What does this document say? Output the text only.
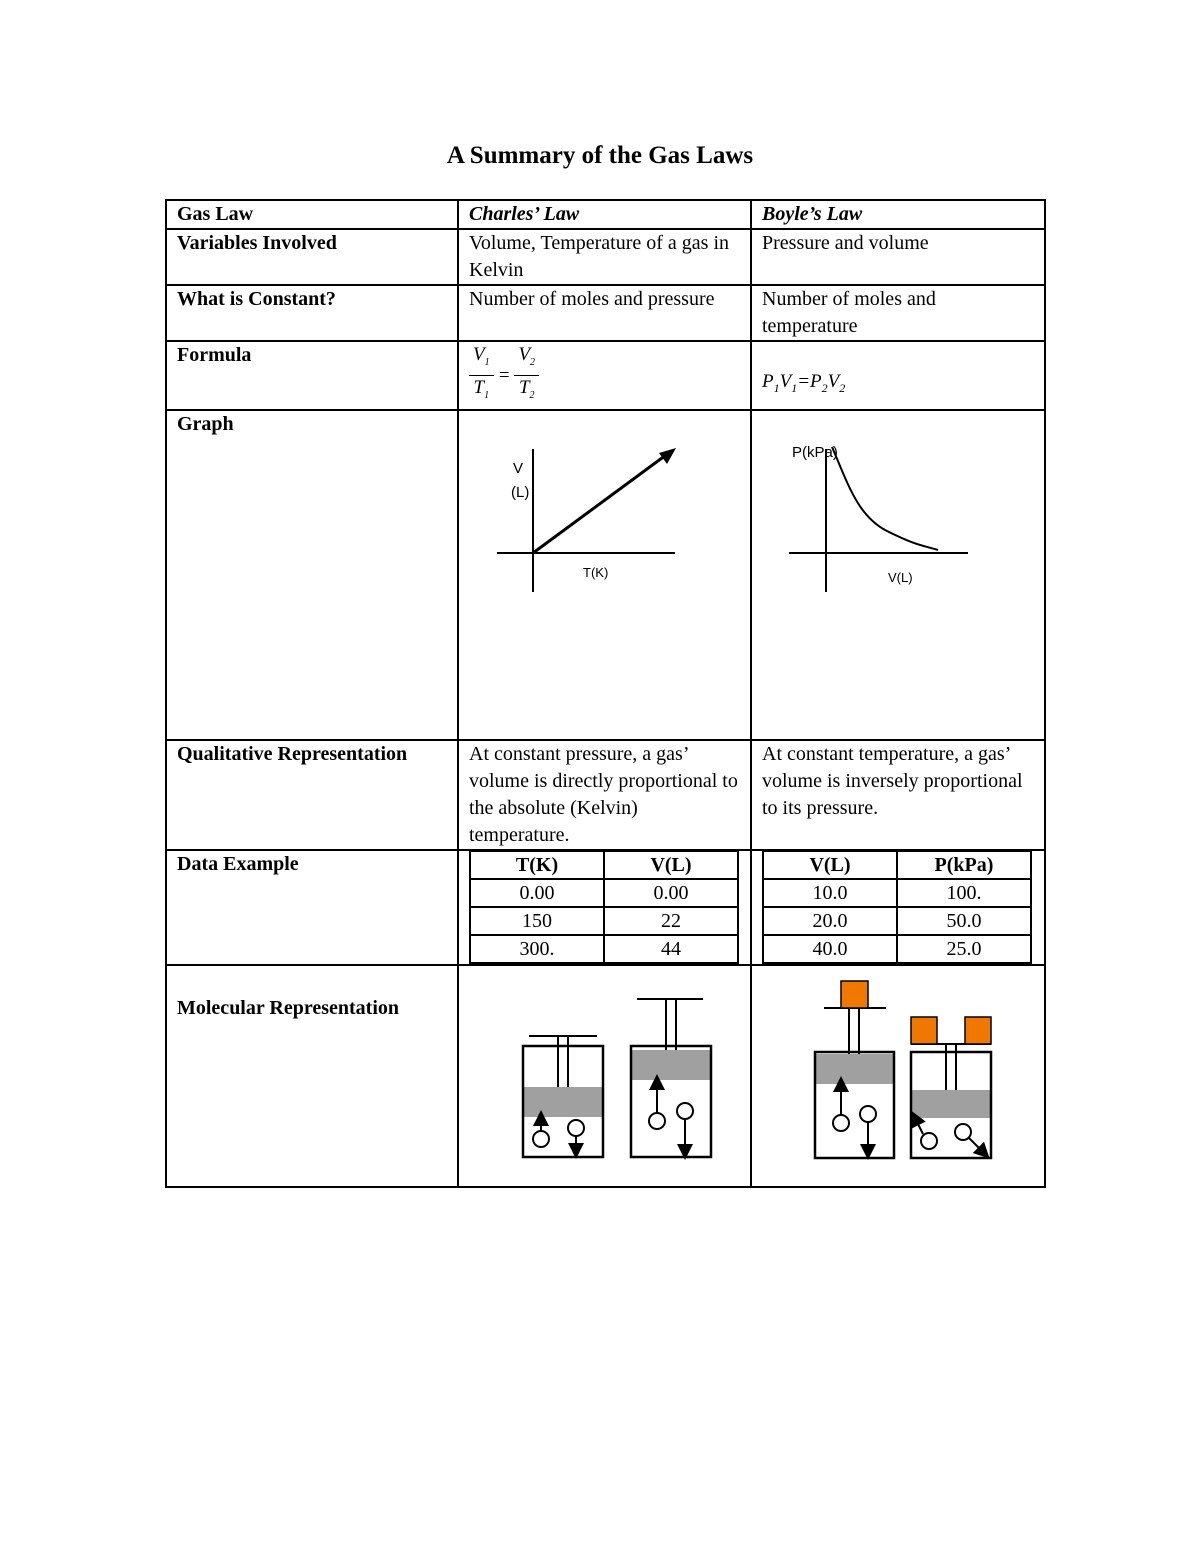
A Summary of the Gas Laws
Gas Law	Charles’ Law	Boyle’s Law
Variables Involved	Volume, Temperature of a gas in Kelvin	Pressure and volume
What is Constant?	Number of moles and pressure	Number of moles and temperature
Formula	$\frac{V_1}{T_1} = \frac{V_2}{T_2}$	$P_1V_1=P_2V_2$

Graph	
V
(L)
T(K)

P(kPa)
V(L)

Qualitative Representation	At constant pressure, a gas’ volume is directly proportional to the absolute (Kelvin) temperature.	At constant temperature, a gas’ volume is inversely proportional to its pressure.
Data Example		T(K)	V(L)
0.00	0.00
150	22
300.	44

V(L)	P(kPa)
10.0	100.
20.0	50.0
40.0	25.0

Molecular Representation		
